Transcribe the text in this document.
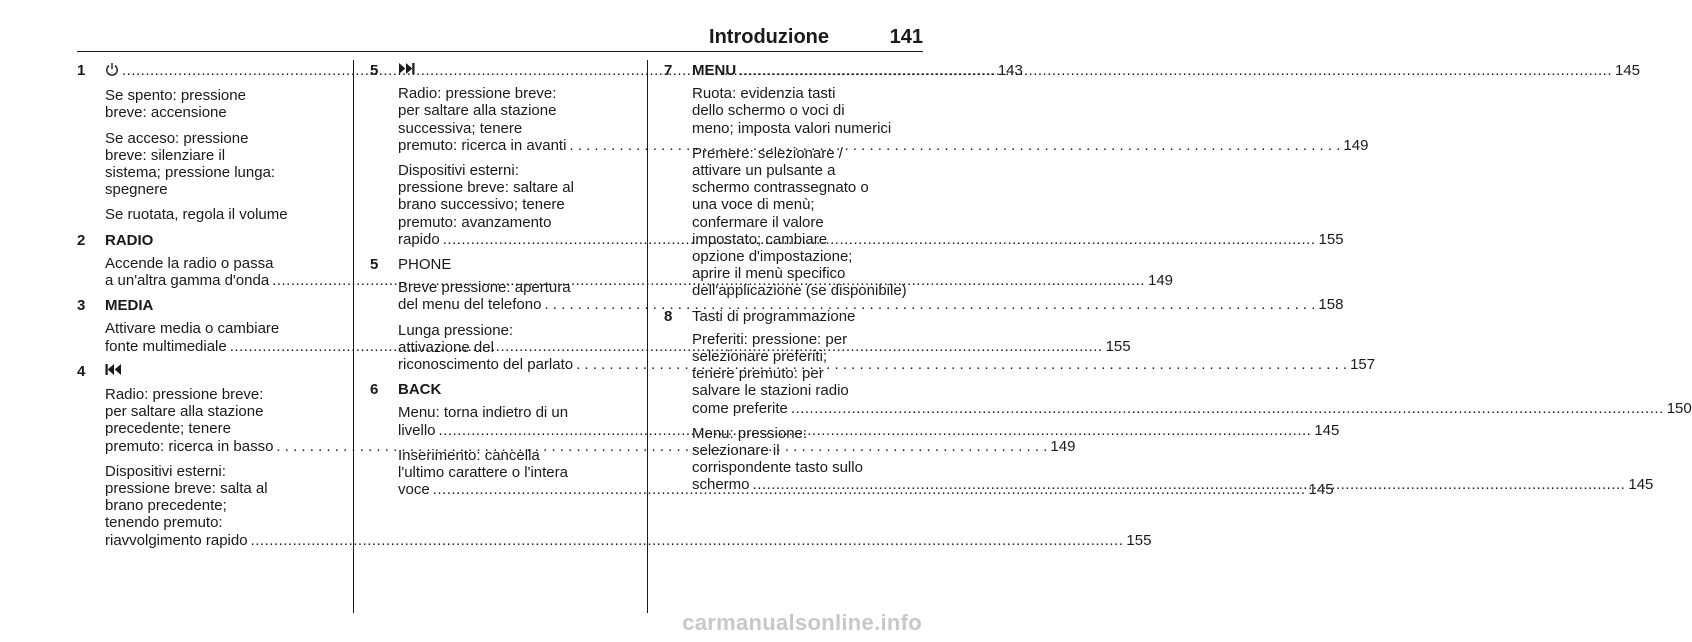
Introduzione	141
1 .....	143
Se spento: pressione
breve: accensione
Se acceso: pressione
breve: silenziare il
sistema; pressione lunga:
spegnere
Se ruotata, regola il volume
2	RADIO
Accende la radio o passa
a un'altra gamma d'onda .....	149
3	MEDIA
Attivare media o cambiare
fonte multimediale .....	155
4
Radio: pressione breve:
per saltare alla stazione
precedente; tenere
premuto: ricerca in basso . . .	149
Dispositivi esterni:
pressione breve: salta al
brano precedente;
tenendo premuto:
riavvolgimento rapido .....	155
5
Radio: pressione breve:
per saltare alla stazione
successiva; tenere
premuto: ricerca in avanti . . .	149
Dispositivi esterni:
pressione breve: saltare al
brano successivo; tenere
premuto: avanzamento
rapido .....	155
5	PHONE
Breve pressione: apertura
del menu del telefono . . .	158
Lunga pressione:
attivazione del
riconoscimento del parlato . . .	157
6	BACK
Menu: torna indietro di un
livello .....	145
Inserimento: cancella
l'ultimo carattere o l'intera
voce .....	145
7	MENU .....	145
Ruota: evidenzia tasti
dello schermo o voci di
meno; imposta valori numerici
Premere: selezionare /
attivare un pulsante a
schermo contrassegnato o
una voce di menù;
confermare il valore
impostato; cambiare
opzione d'impostazione;
aprire il menù specifico
dell'applicazione (se disponibile)
8	Tasti di programmazione
Preferiti: pressione: per
selezionare preferiti;
tenere premuto: per
salvare le stazioni radio
come preferite .....	150
Menu: pressione:
selezionare il
corrispondente tasto sullo
schermo .....	145
carmanualsonline.info
